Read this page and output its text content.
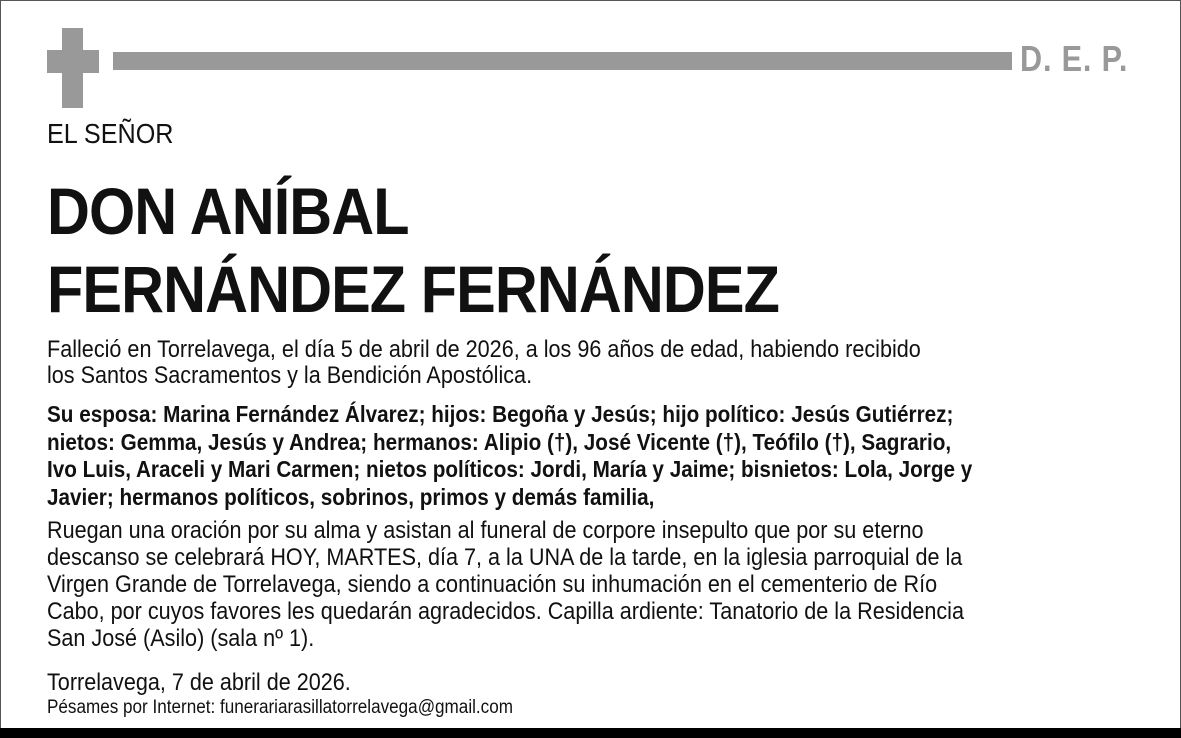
D. E. P.
EL SEÑOR
DON ANÍBAL
FERNÁNDEZ FERNÁNDEZ
Falleció en Torrelavega, el día 5 de abril de 2026, a los 96 años de edad, habiendo recibido
los Santos Sacramentos y la Bendición Apostólica.
Su esposa: Marina Fernández Álvarez; hijos: Begoña y Jesús; hijo político: Jesús Gutiérrez;
nietos: Gemma, Jesús y Andrea; hermanos: Alipio (†), José Vicente (†), Teófilo (†), Sagrario,
Ivo Luis, Araceli y Mari Carmen; nietos políticos: Jordi, María y Jaime; bisnietos: Lola, Jorge y
Javier; hermanos políticos, sobrinos, primos y demás familia,
Ruegan una oración por su alma y asistan al funeral de corpore insepulto que por su eterno
descanso se celebrará HOY, MARTES, día 7, a la UNA de la tarde, en la iglesia parroquial de la
Virgen Grande de Torrelavega, siendo a continuación su inhumación en el cementerio de Río
Cabo, por cuyos favores les quedarán agradecidos. Capilla ardiente: Tanatorio de la Residencia
San José (Asilo) (sala nº 1).
Torrelavega, 7 de abril de 2026.
Pésames por Internet: funerariarasillatorrelavega@gmail.com
